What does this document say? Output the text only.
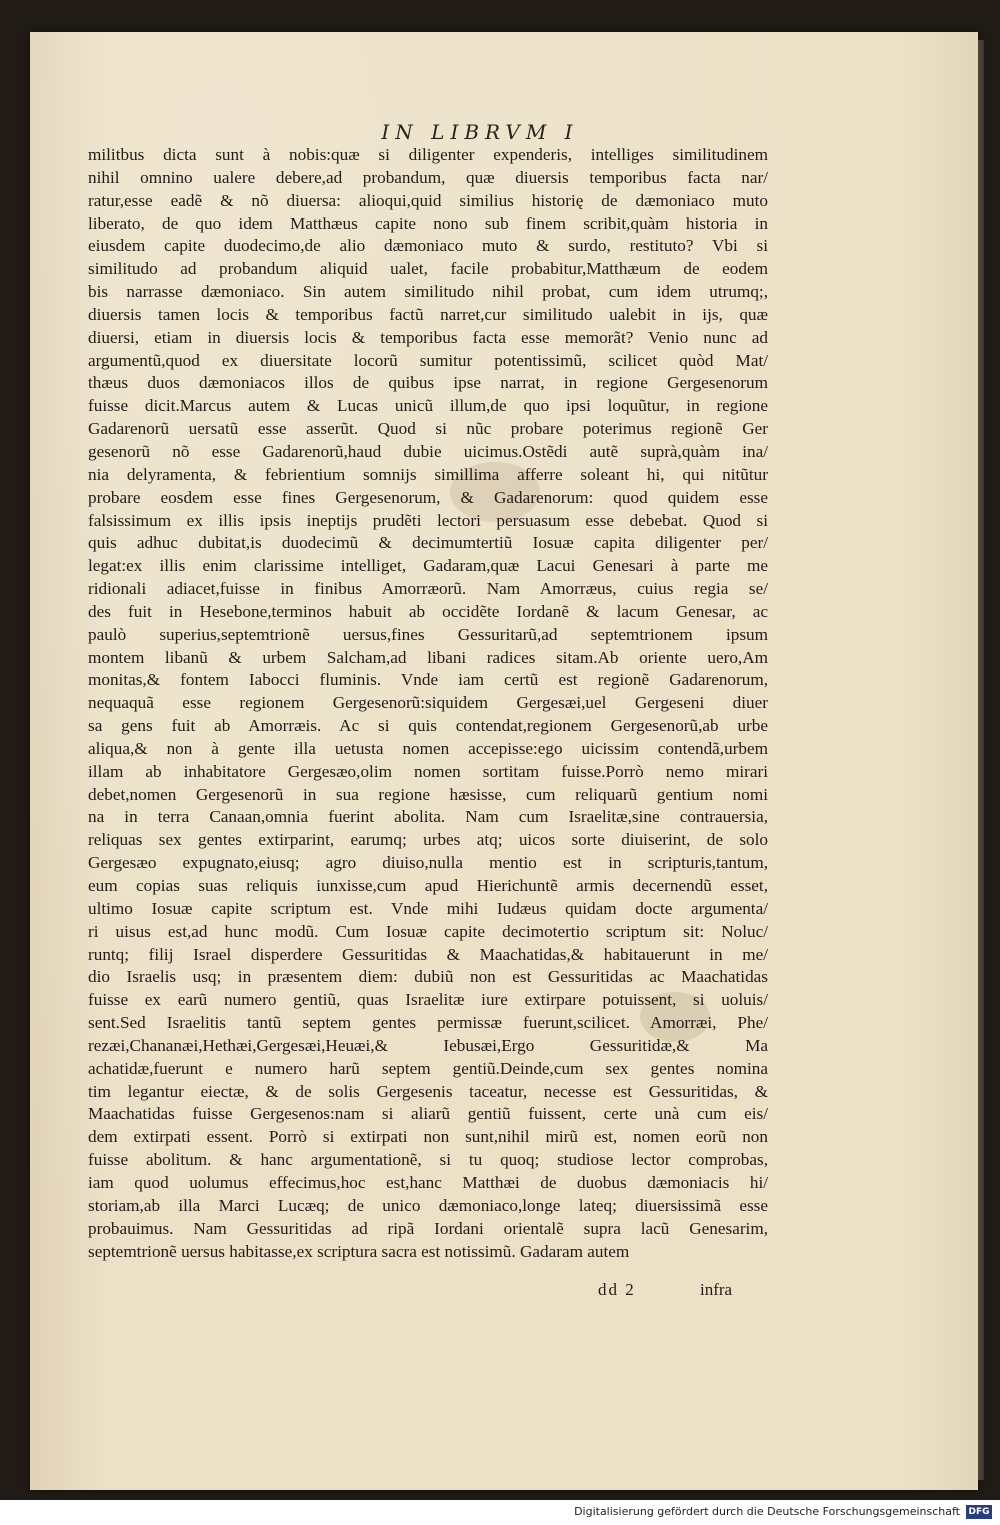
IN LIBRVM I
militbus dicta sunt à nobis:quæ si diligenter expenderis, intelliges similitudinem
nihil omnino ualere debere,ad probandum, quæ diuersis temporibus facta nar/
ratur,esse eadẽ & nõ diuersa: alioqui,quid similius historię de dæmoniaco muto
liberato, de quo idem Matthæus capite nono sub finem scribit,quàm historia in
eiusdem capite duodecimo,de alio dæmoniaco muto & surdo, restituto? Vbi si
similitudo ad probandum aliquid ualet, facile probabitur,Matthæum de eodem
bis narrasse dæmoniaco. Sin autem similitudo nihil probat, cum idem utrumq;,
diuersis tamen locis & temporibus factũ narret,cur similitudo ualebit in ijs, quæ
diuersi, etiam in diuersis locis & temporibus facta esse memorãt? Venio nunc ad
argumentũ,quod ex diuersitate locorũ sumitur potentissimũ, scilicet quòd Mat/
thæus duos dæmoniacos illos de quibus ipse narrat, in regione Gergesenorum
fuisse dicit.Marcus autem & Lucas unicũ illum,de quo ipsi loquũtur, in regione
Gadarenorũ uersatũ esse asserũt. Quod si nũc probare poterimus regionẽ Ger
gesenorũ nõ esse Gadarenorũ,haud dubie uicimus.Ostẽdi autẽ suprà,quàm ina/
nia delyramenta, & febrientium somnijs simillima afferre soleant hi, qui nitũtur
probare eosdem esse fines Gergesenorum, & Gadarenorum: quod quidem esse
falsissimum ex illis ipsis ineptijs prudẽti lectori persuasum esse debebat. Quod si
quis adhuc dubitat,is duodecimũ & decimumtertiũ Iosuæ capita diligenter per/
legat:ex illis enim clarissime intelliget, Gadaram,quæ Lacui Genesari à parte me
ridionali adiacet,fuisse in finibus Amorræorũ. Nam Amorræus, cuius regia se/
des fuit in Hesebone,terminos habuit ab occidẽte Iordanẽ & lacum Genesar, ac
paulò superius,septemtrionẽ uersus,fines Gessuritarũ,ad septemtrionem ipsum
montem libanũ & urbem Salcham,ad libani radices sitam.Ab oriente uero,Am
monitas,& fontem Iabocci fluminis. Vnde iam certũ est regionẽ Gadarenorum,
nequaquã esse regionem Gergesenorũ:siquidem Gergesæi,uel Gergeseni diuer
sa gens fuit ab Amorræis. Ac si quis contendat,regionem Gergesenorũ,ab urbe
aliqua,& non à gente illa uetusta nomen accepisse:ego uicissim contendã,urbem
illam ab inhabitatore Gergesæo,olim nomen sortitam fuisse.Porrò nemo mirari
debet,nomen Gergesenorũ in sua regione hæsisse, cum reliquarũ gentium nomi
na in terra Canaan,omnia fuerint abolita. Nam cum Israelitæ,sine contrauersia,
reliquas sex gentes extirparint, earumq; urbes atq; uicos sorte diuiserint, de solo
Gergesæo expugnato,eiusq; agro diuiso,nulla mentio est in scripturis,tantum,
eum copias suas reliquis iunxisse,cum apud Hierichuntẽ armis decernendũ esset,
ultimo Iosuæ capite scriptum est. Vnde mihi Iudæus quidam docte argumenta/
ri uisus est,ad hunc modũ. Cum Iosuæ capite decimotertio scriptum sit: Noluc/
runtq; filij Israel disperdere Gessuritidas & Maachatidas,& habitauerunt in me/
dio Israelis usq; in præsentem diem: dubiũ non est Gessuritidas ac Maachatidas
fuisse ex earũ numero gentiũ, quas Israelitæ iure extirpare potuissent, si uoluis/
sent.Sed Israelitis tantũ septem gentes permissæ fuerunt,scilicet. Amorræi, Phe/
rezæi,Chananæi,Hethæi,Gergesæi,Heuæi,& Iebusæi,Ergo Gessuritidæ,& Ma
achatidæ,fuerunt e numero harũ septem gentiũ.Deinde,cum sex gentes nomina
tim legantur eiectæ, & de solis Gergesenis taceatur, necesse est Gessuritidas, &
Maachatidas fuisse Gergesenos:nam si aliarũ gentiũ fuissent, certe unà cum eis/
dem extirpati essent. Porrò si extirpati non sunt,nihil mirũ est, nomen eorũ non
fuisse abolitum. & hanc argumentationẽ, si tu quoq; studiose lector comprobas,
iam quod uolumus effecimus,hoc est,hanc Matthæi de duobus dæmoniacis hi/
storiam,ab illa Marci Lucæq; de unico dæmoniaco,longe lateq; diuersissimã esse
probauimus. Nam Gessuritidas ad ripã Iordani orientalẽ supra lacũ Genesarim,
septemtrionẽ uersus habitasse,ex scriptura sacra est notissimũ. Gadaram autem
dd 2	infra
Digitalisierung gefördert durch die Deutsche Forschungsgemeinschaft DFG
